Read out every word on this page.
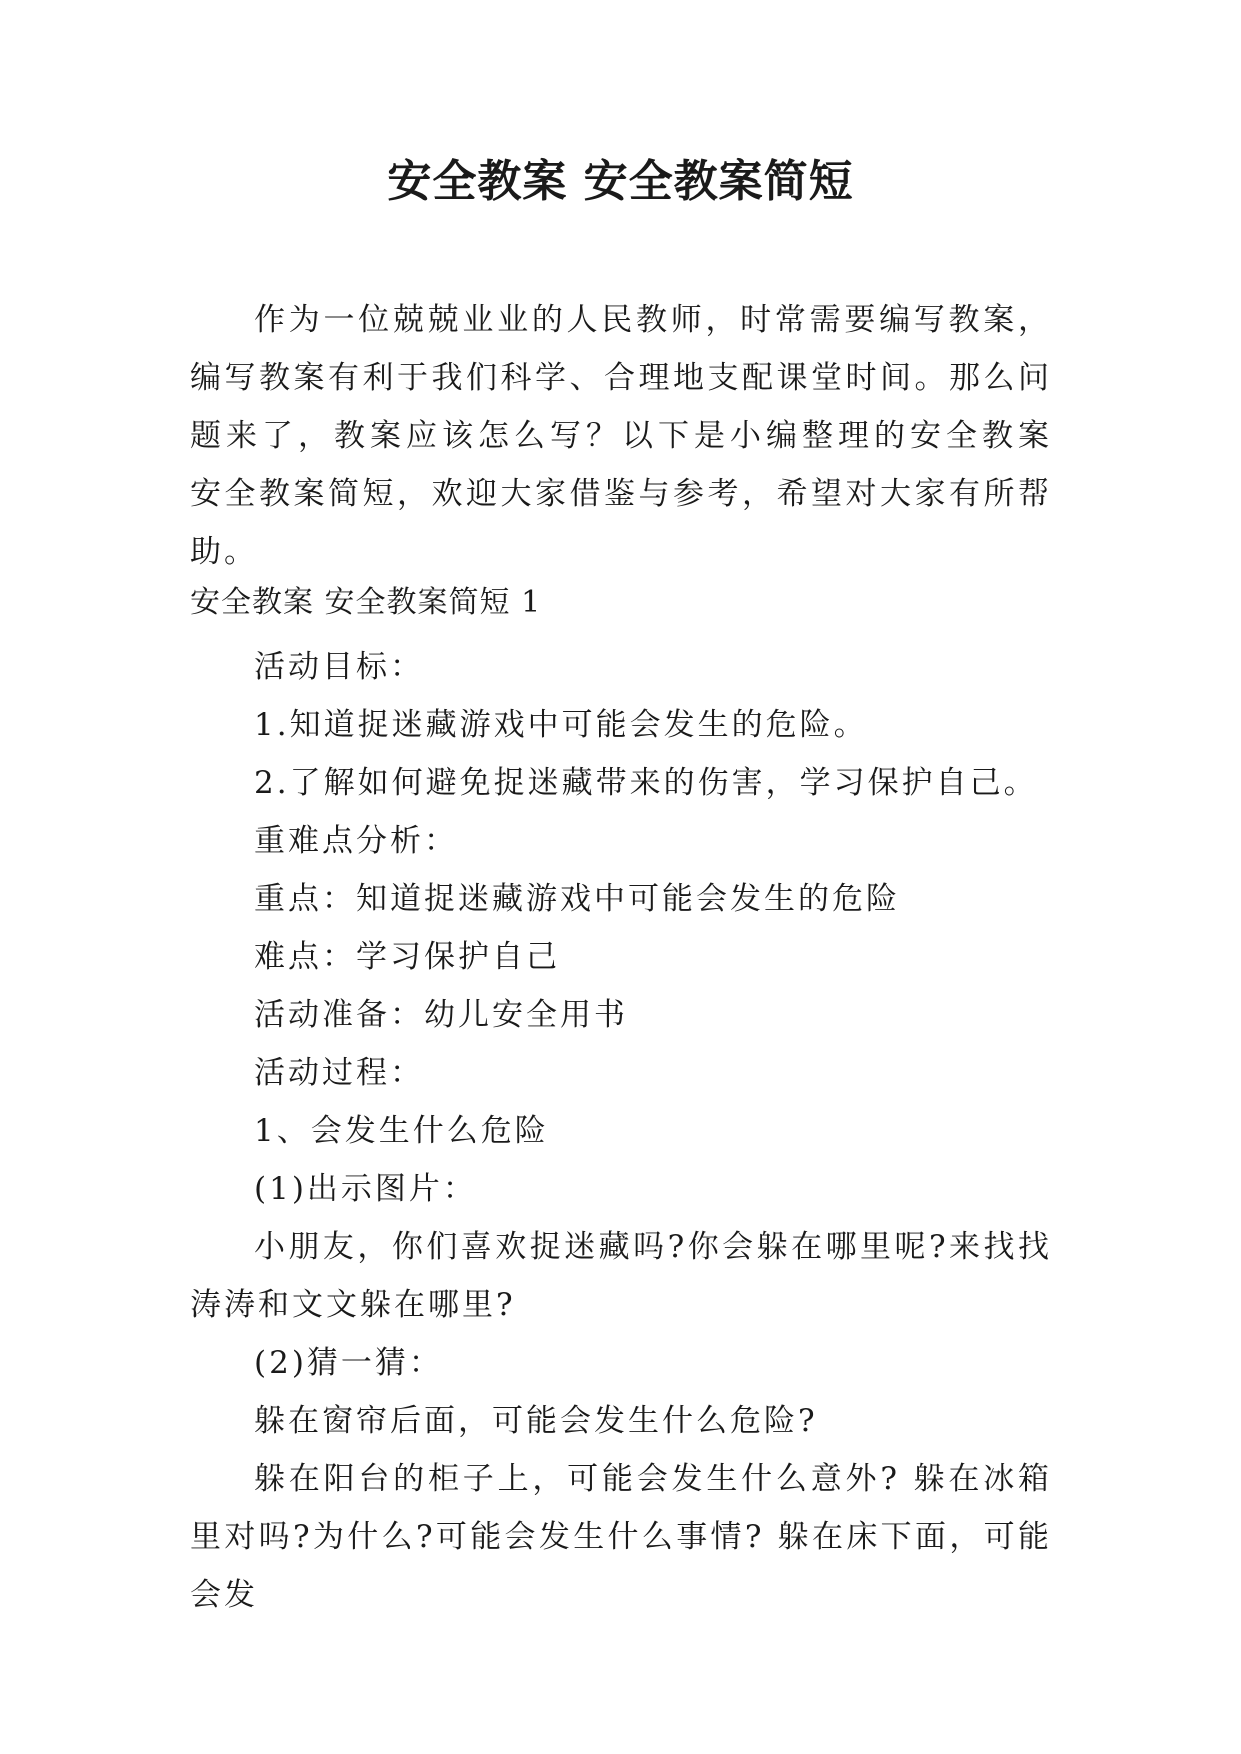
安全教案 安全教案简短

作为一位兢兢业业的人民教师，时常需要编写教案，编写教案有利于我们科学、合理地支配课堂时间。那么问题来了，教案应该怎么写？以下是小编整理的安全教案 安全教案简短，欢迎大家借鉴与参考，希望对大家有所帮助。

安全教案 安全教案简短 1

活动目标：

1.知道捉迷藏游戏中可能会发生的危险。

2.了解如何避免捉迷藏带来的伤害，学习保护自己。

重难点分析：

重点：知道捉迷藏游戏中可能会发生的危险

难点：学习保护自己

活动准备：幼儿安全用书

活动过程：

1、会发生什么危险

(1)出示图片：

小朋友，你们喜欢捉迷藏吗?你会躲在哪里呢?来找找涛涛和文文躲在哪里?

(2)猜一猜：

躲在窗帘后面，可能会发生什么危险?

躲在阳台的柜子上，可能会发生什么意外? 躲在冰箱里对吗?为什么?可能会发生什么事情? 躲在床下面，可能会发
